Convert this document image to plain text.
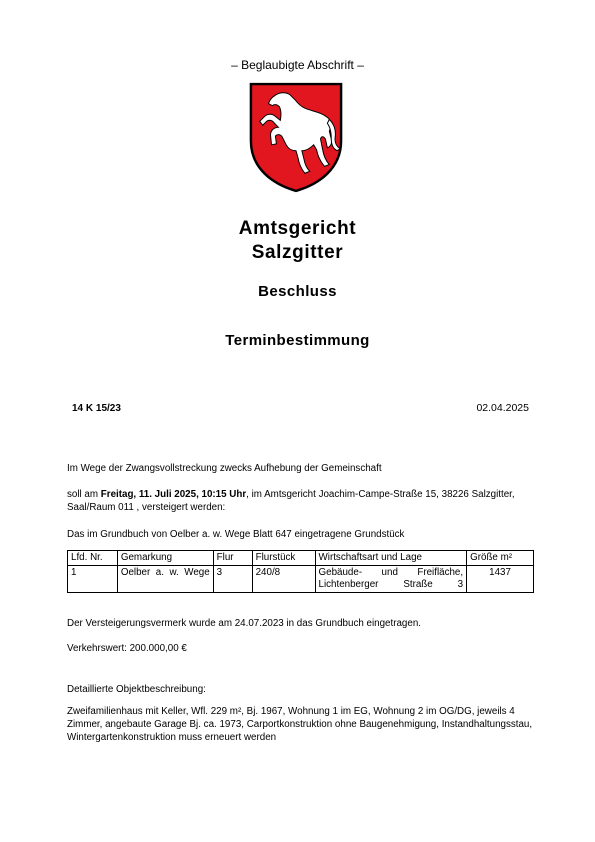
– Beglaubigte Abschrift –
Amtsgericht
Salzgitter
Beschluss
Terminbestimmung
14 K 15/23	02.04.2025
Im Wege der Zwangsvollstreckung zwecks Aufhebung der Gemeinschaft
soll am Freitag, 11. Juli 2025, 10:15 Uhr, im Amtsgericht Joachim-Campe-Straße 15, 38226 Salzgitter, Saal/Raum 011 , versteigert werden:
Das im Grundbuch von Oelber a. w. Wege Blatt 647 eingetragene Grundstück
Lfd. Nr.	Gemarkung	Flur	Flurstück	Wirtschaftsart und Lage	Größe m²
1	Oelber a. w. Wege	3	240/8	Gebäude- und Freifläche, Lichtenberger Straße 3	1437
Der Versteigerungsvermerk wurde am 24.07.2023 in das Grundbuch eingetragen.
Verkehrswert: 200.000,00 €
Detaillierte Objektbeschreibung:
Zweifamilienhaus mit Keller, Wfl. 229 m², Bj. 1967, Wohnung 1 im EG, Wohnung 2 im OG/DG, jeweils 4 Zimmer, angebaute Garage Bj. ca. 1973, Carportkonstruktion ohne Baugenehmigung, Instandhaltungsstau, Wintergartenkonstruktion muss erneuert werden
